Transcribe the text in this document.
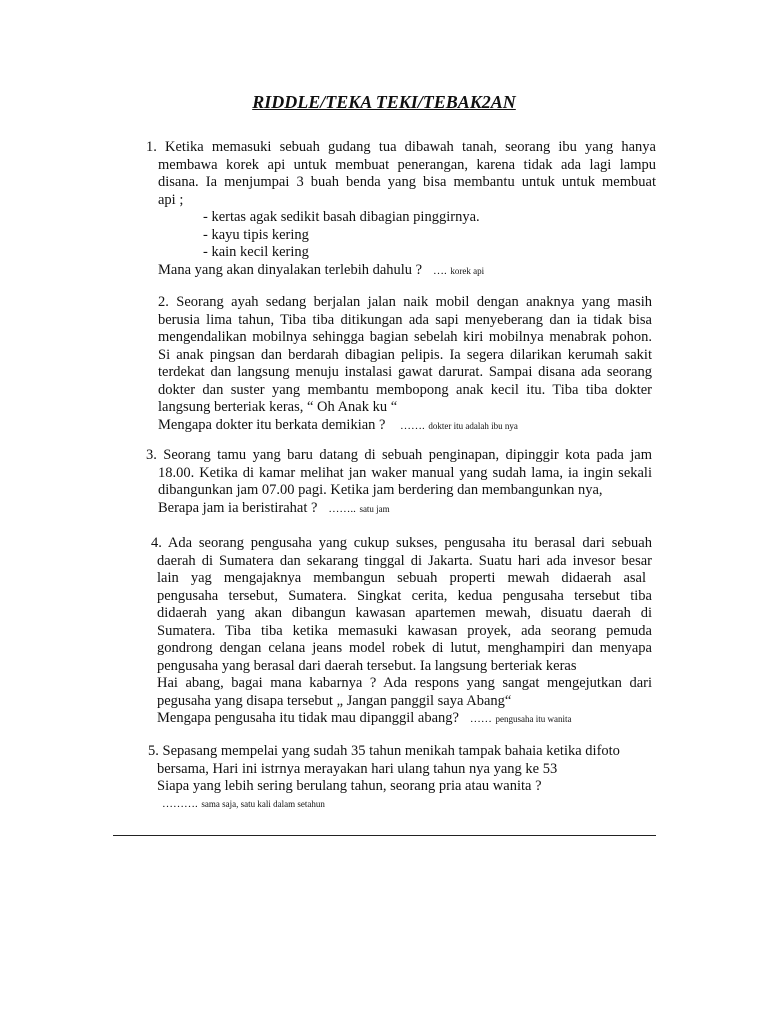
RIDDLE/TEKA TEKI/TEBAK2AN

1. Ketika memasuki sebuah gudang tua dibawah tanah, seorang ibu yang hanya

membawa korek api untuk membuat penerangan, karena tidak ada lagi lampu

disana. Ia menjumpai 3 buah benda yang bisa membantu untuk untuk membuat

api ;

- kertas agak sedikit basah dibagian pinggirnya.

- kayu tipis kering

- kain kecil kering

Mana yang akan dinyalakan terlebih dahulu ? …. korek api

2. Seorang ayah sedang berjalan jalan naik mobil dengan anaknya yang masih

berusia lima tahun, Tiba tiba ditikungan ada sapi menyeberang dan ia tidak bisa

mengendalikan mobilnya sehingga bagian sebelah kiri mobilnya menabrak pohon.

Si anak pingsan dan berdarah dibagian pelipis. Ia segera dilarikan kerumah sakit

terdekat dan langsung menuju instalasi gawat darurat. Sampai disana ada seorang

dokter dan suster yang membantu membopong anak kecil itu. Tiba tiba dokter

langsung berteriak keras, “ Oh Anak ku “

Mengapa dokter itu berkata demikian ? ……. dokter itu adalah ibu nya

3. Seorang tamu yang baru datang di sebuah penginapan, dipinggir kota pada jam

18.00. Ketika di kamar melihat jan waker manual yang sudah lama, ia ingin sekali

dibangunkan jam 07.00 pagi. Ketika jam berdering dan membangunkan nya,

Berapa jam ia beristirahat ? …….. satu jam

4. Ada seorang pengusaha yang cukup sukses, pengusaha itu berasal dari sebuah

daerah di Sumatera dan sekarang tinggal di Jakarta. Suatu hari ada invesor besar

lain yag mengajaknya membangun sebuah properti mewah didaerah asal

pengusaha tersebut, Sumatera. Singkat cerita, kedua pengusaha tersebut tiba

didaerah yang akan dibangun kawasan apartemen mewah, disuatu daerah di

Sumatera. Tiba tiba ketika memasuki kawasan proyek, ada seorang pemuda

gondrong dengan celana jeans model robek di lutut, menghampiri dan menyapa

pengusaha yang berasal dari daerah tersebut. Ia langsung berteriak keras

Hai abang, bagai mana kabarnya ? Ada respons yang sangat mengejutkan dari

pegusaha yang disapa tersebut „ Jangan panggil saya Abang“

Mengapa pengusaha itu tidak mau dipanggil abang? …… pengusaha itu wanita

5. Sepasang mempelai yang sudah 35 tahun menikah tampak bahaia ketika difoto

bersama, Hari ini istrnya merayakan hari ulang tahun nya yang ke 53

Siapa yang lebih sering berulang tahun, seorang pria atau wanita ?

………. sama saja, satu kali dalam setahun
